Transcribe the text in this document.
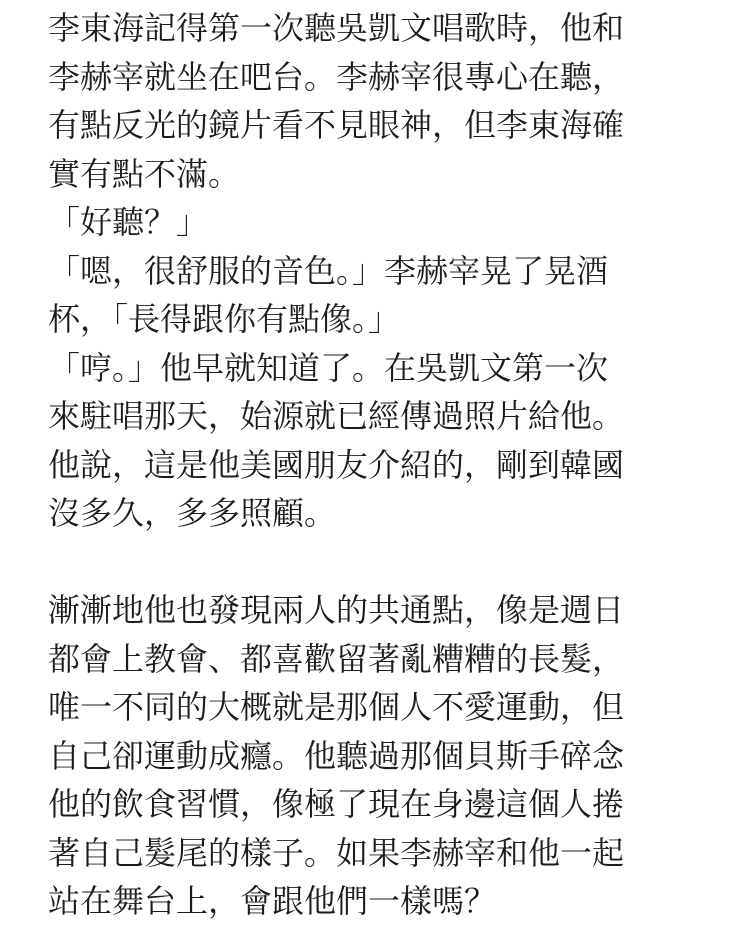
李東海記得第一次聽吳凱文唱歌時，他和
李赫宰就坐在吧台。李赫宰很專心在聽，
有點反光的鏡片看不見眼神，但李東海確
實有點不滿。
「好聽？」
「嗯，很舒服的音色。」李赫宰晃了晃酒
杯，「長得跟你有點像。」
「哼。」他早就知道了。在吳凱文第一次
來駐唱那天，始源就已經傳過照片給他。
他說，這是他美國朋友介紹的，剛到韓國
沒多久，多多照顧。
漸漸地他也發現兩人的共通點，像是週日
都會上教會、都喜歡留著亂糟糟的長髮，
唯一不同的大概就是那個人不愛運動，但
自己卻運動成癮。他聽過那個貝斯手碎念
他的飲食習慣，像極了現在身邊這個人捲
著自己髮尾的樣子。如果李赫宰和他一起
站在舞台上，會跟他們一樣嗎？
